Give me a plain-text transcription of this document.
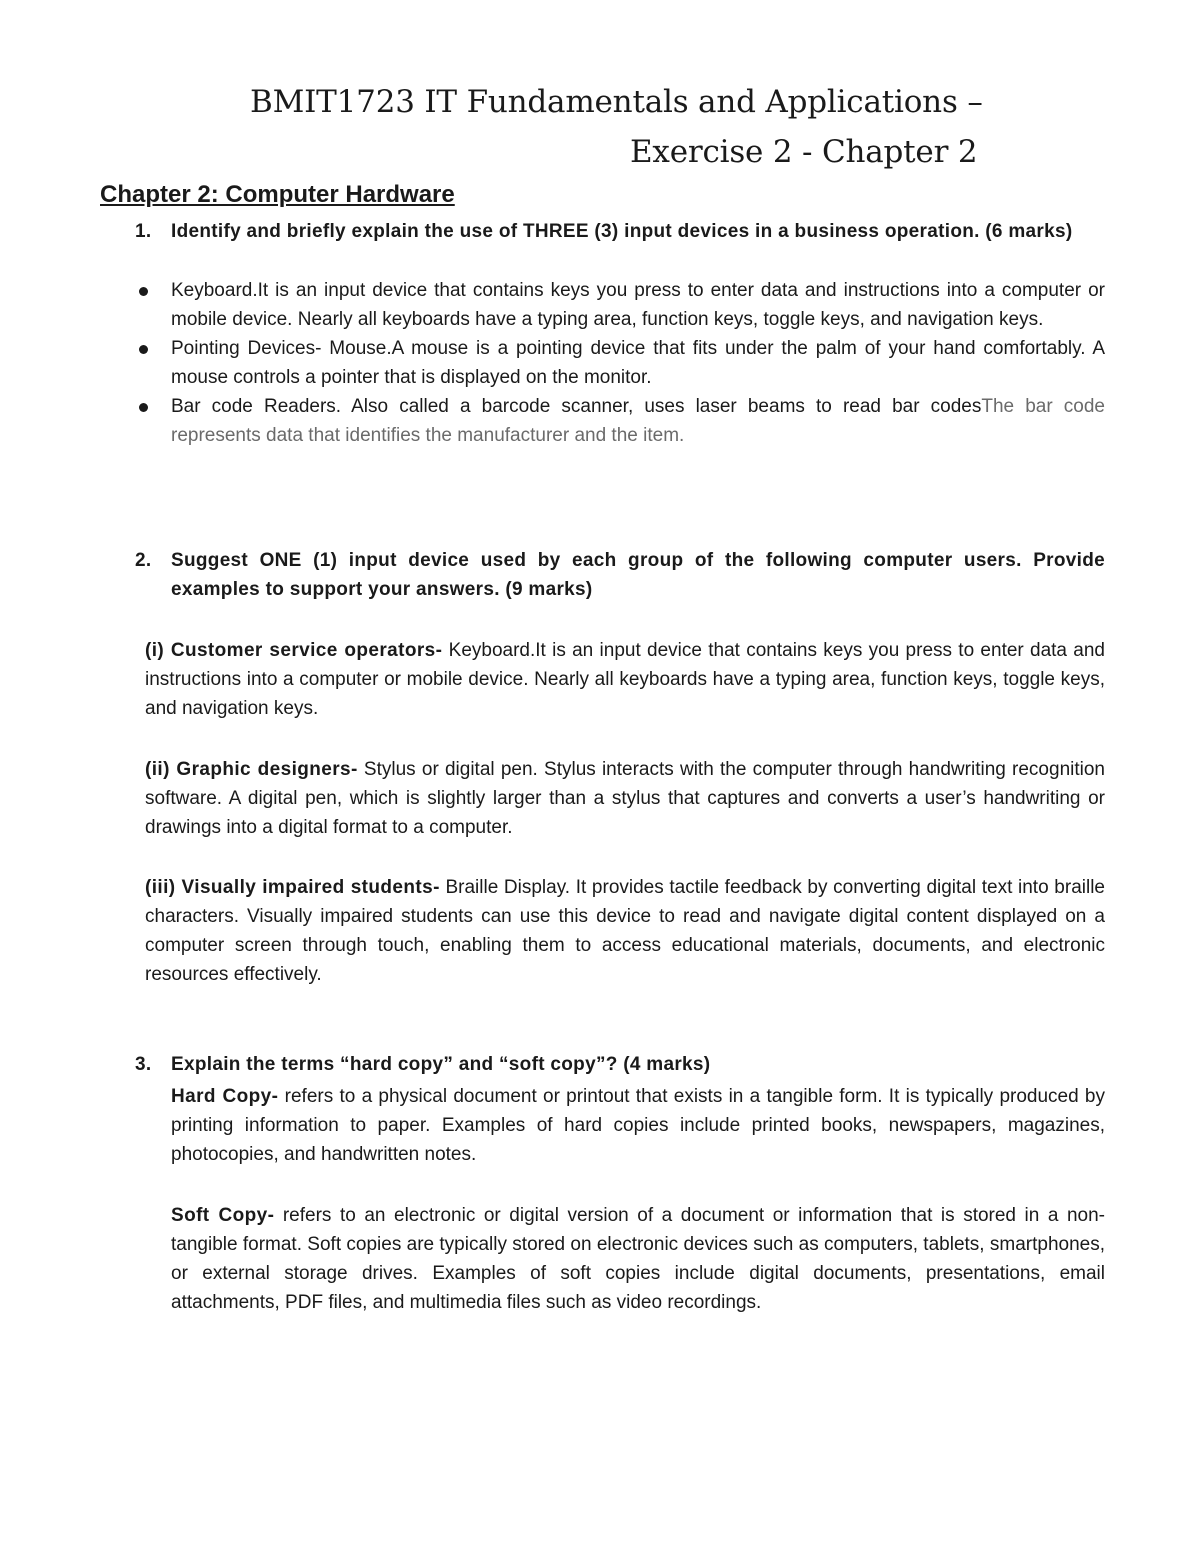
BMIT1723 IT Fundamentals and Applications –
Exercise 2 - Chapter 2
Chapter 2: Computer Hardware
1. Identify and briefly explain the use of THREE (3) input devices in a business operation. (6 marks)
Keyboard.It is an input device that contains keys you press to enter data and instructions into a computer or mobile device. Nearly all keyboards have a typing area, function keys, toggle keys, and navigation keys.
Pointing Devices- Mouse.A mouse is a pointing device that fits under the palm of your hand comfortably. A mouse controls a pointer that is displayed on the monitor.
Bar code Readers. Also called a barcode scanner, uses laser beams to read bar codesThe bar code represents data that identifies the manufacturer and the item.
2. Suggest ONE (1) input device used by each group of the following computer users. Provide examples to support your answers. (9 marks)
(i) Customer service operators- Keyboard.It is an input device that contains keys you press to enter data and instructions into a computer or mobile device. Nearly all keyboards have a typing area, function keys, toggle keys, and navigation keys.
(ii) Graphic designers- Stylus or digital pen. Stylus interacts with the computer through handwriting recognition software. A digital pen, which is slightly larger than a stylus that captures and converts a user’s handwriting or drawings into a digital format to a computer.
(iii) Visually impaired students- Braille Display. It provides tactile feedback by converting digital text into braille characters. Visually impaired students can use this device to read and navigate digital content displayed on a computer screen through touch, enabling them to access educational materials, documents, and electronic resources effectively.
3. Explain the terms “hard copy” and “soft copy”? (4 marks)
Hard Copy- refers to a physical document or printout that exists in a tangible form. It is typically produced by printing information to paper. Examples of hard copies include printed books, newspapers, magazines, photocopies, and handwritten notes.
Soft Copy- refers to an electronic or digital version of a document or information that is stored in a non-tangible format. Soft copies are typically stored on electronic devices such as computers, tablets, smartphones, or external storage drives. Examples of soft copies include digital documents, presentations, email attachments, PDF files, and multimedia files such as video recordings.
